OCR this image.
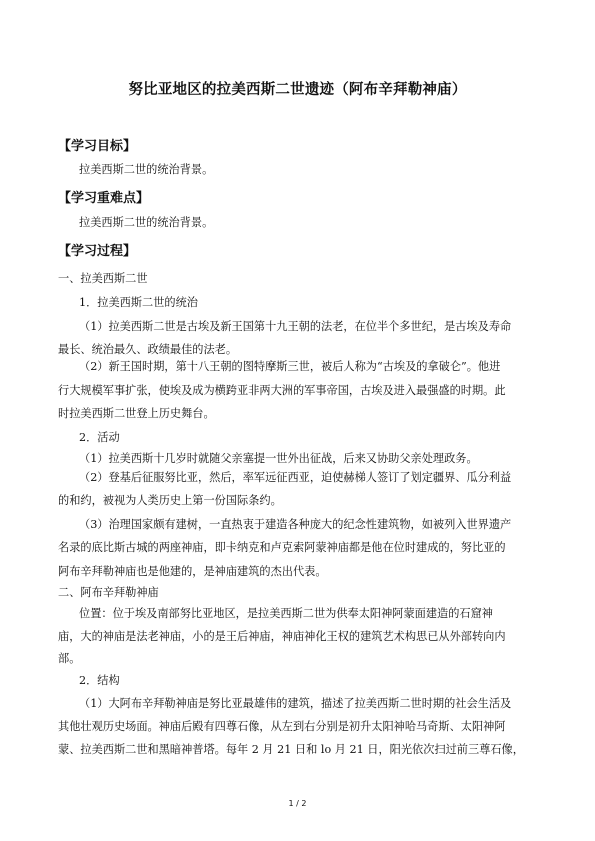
努比亚地区的拉美西斯二世遗迹（阿布辛拜勒神庙）
【学习目标】
拉美西斯二世的统治背景。
【学习重难点】
拉美西斯二世的统治背景。
【学习过程】
一、拉美西斯二世
1．拉美西斯二世的统治
（1）拉美西斯二世是古埃及新王国第十九王朝的法老，在位半个多世纪，是古埃及寿命
最长、统治最久、政绩最佳的法老。
（2）新王国时期，第十八王朝的图特摩斯三世，被后人称为“古埃及的拿破仑”。他进
行大规模军事扩张，使埃及成为横跨亚非两大洲的军事帝国，古埃及进入最强盛的时期。此
时拉美西斯二世登上历史舞台。
2．活动
（1）拉美西斯十几岁时就随父亲塞提一世外出征战，后来又协助父亲处理政务。
（2）登基后征服努比亚，然后，率军远征西亚，迫使赫梯人签订了划定疆界、瓜分利益
的和约，被视为人类历史上第一份国际条约。
（3）治理国家颇有建树，一直热衷于建造各种庞大的纪念性建筑物，如被列入世界遗产
名录的底比斯古城的两座神庙，即卡纳克和卢克索阿蒙神庙都是他在位时建成的，努比亚的
阿布辛拜勒神庙也是他建的，是神庙建筑的杰出代表。
二、阿布辛拜勒神庙
位置：位于埃及南部努比亚地区，是拉美西斯二世为供奉太阳神阿蒙面建造的石窟神
庙，大的神庙是法老神庙，小的是王后神庙，神庙神化王权的建筑艺术构思已从外部转向内
部。
2．结构
（1）大阿布辛拜勒神庙是努比亚最雄伟的建筑，描述了拉美西斯二世时期的社会生活及
其他壮观历史场面。神庙后殿有四尊石像，从左到右分别是初升太阳神哈马奇斯、太阳神阿
蒙、拉美西斯二世和黑暗神普塔。每年 2 月 21 日和 lo 月 21 日，阳光依次扫过前三尊石像，
1 / 2
